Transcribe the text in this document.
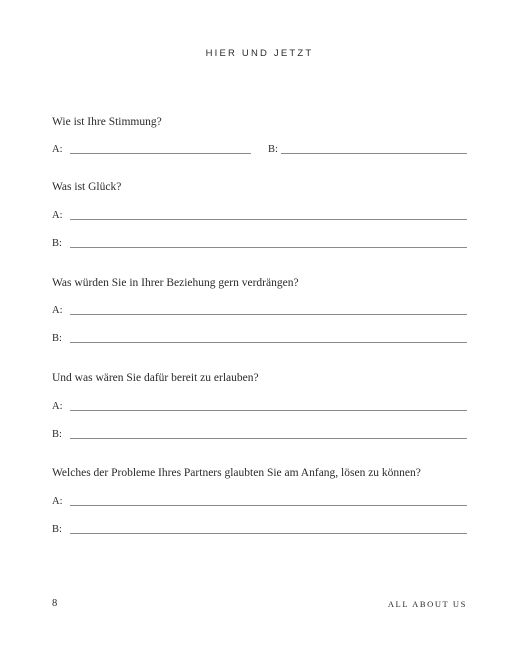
HIER UND JETZT
Wie ist Ihre Stimmung?
A:	B:
Was ist Glück?
A:
B:
Was würden Sie in Ihrer Beziehung gern verdrängen?
A:
B:
Und was wären Sie dafür bereit zu erlauben?
A:
B:
Welches der Probleme Ihres Partners glaubten Sie am Anfang, lösen zu können?
A:
B:
8	ALL ABOUT US
